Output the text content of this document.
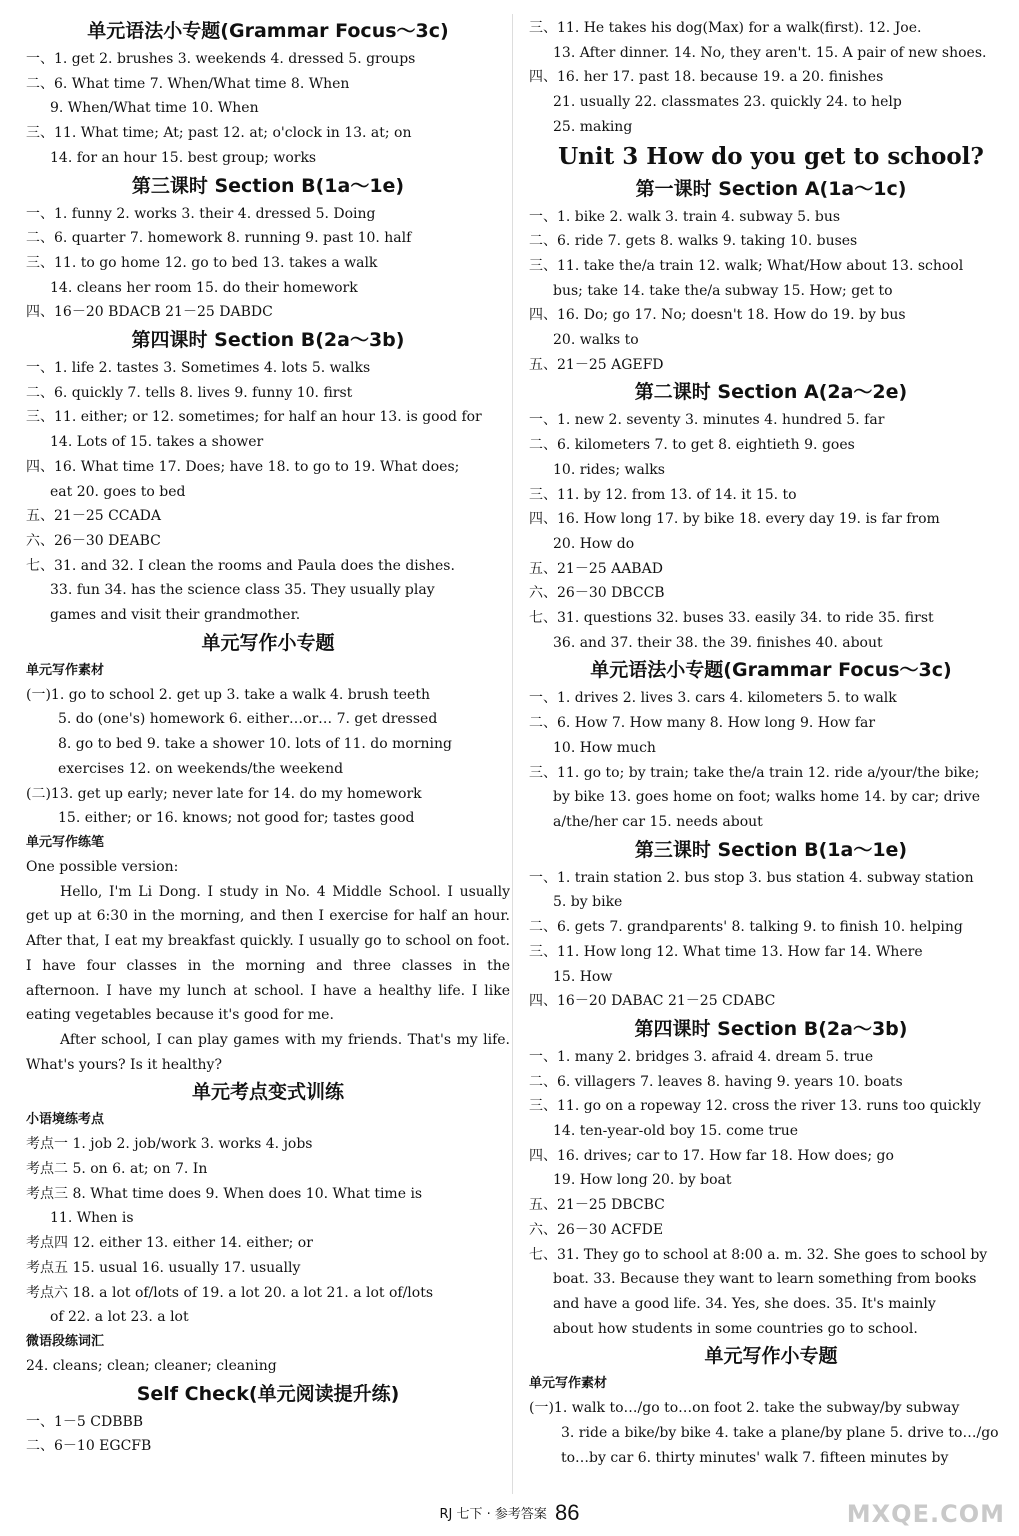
单元语法小专题(Grammar Focus～3c)
一、1. get 2. brushes 3. weekends 4. dressed 5. groups
二、6. What time 7. When/What time 8. When
9. When/What time 10. When
三、11. What time; At; past 12. at; o'clock in 13. at; on
14. for an hour 15. best group; works
第三课时 Section B(1a～1e)
一、1. funny 2. works 3. their 4. dressed 5. Doing
二、6. quarter 7. homework 8. running 9. past 10. half
三、11. to go home 12. go to bed 13. takes a walk
14. cleans her room 15. do their homework
四、16－20 BDACB 21－25 DABDC
第四课时 Section B(2a～3b)
一、1. life 2. tastes 3. Sometimes 4. lots 5. walks
二、6. quickly 7. tells 8. lives 9. funny 10. first
三、11. either; or 12. sometimes; for half an hour 13. is good for
14. Lots of 15. takes a shower
四、16. What time 17. Does; have 18. to go to 19. What does;
eat 20. goes to bed
五、21－25 CCADA
六、26－30 DEABC
七、31. and 32. I clean the rooms and Paula does the dishes.
33. fun 34. has the science class 35. They usually play
games and visit their grandmother.
单元写作小专题
单元写作素材
(一)1. go to school 2. get up 3. take a walk 4. brush teeth
5. do (one's) homework 6. either…or… 7. get dressed
8. go to bed 9. take a shower 10. lots of 11. do morning
exercises 12. on weekends/the weekend
(二)13. get up early; never late for 14. do my homework
15. either; or 16. knows; not good for; tastes good
单元写作练笔
One possible version:
Hello, I'm Li Dong. I study in No. 4 Middle School. I usually get up at 6:30 in the morning, and then I exercise for half an hour. After that, I eat my breakfast quickly. I usually go to school on foot. I have four classes in the morning and three classes in the afternoon. I have my lunch at school. I have a healthy life. I like eating vegetables because it's good for me.
After school, I can play games with my friends. That's my life. What's yours? Is it healthy?
单元考点变式训练
小语境练考点
考点一 1. job 2. job/work 3. works 4. jobs
考点二 5. on 6. at; on 7. In
考点三 8. What time does 9. When does 10. What time is
11. When is
考点四 12. either 13. either 14. either; or
考点五 15. usual 16. usually 17. usually
考点六 18. a lot of/lots of 19. a lot 20. a lot 21. a lot of/lots
of 22. a lot 23. a lot
微语段练词汇
24. cleans; clean; cleaner; cleaning
Self Check(单元阅读提升练)
一、1－5 CDBBB
二、6－10 EGCFB
三、11. He takes his dog(Max) for a walk(first). 12. Joe.
13. After dinner. 14. No, they aren't. 15. A pair of new shoes.
四、16. her 17. past 18. because 19. a 20. finishes
21. usually 22. classmates 23. quickly 24. to help
25. making
Unit 3 How do you get to school?
第一课时 Section A(1a～1c)
一、1. bike 2. walk 3. train 4. subway 5. bus
二、6. ride 7. gets 8. walks 9. taking 10. buses
三、11. take the/a train 12. walk; What/How about 13. school
bus; take 14. take the/a subway 15. How; get to
四、16. Do; go 17. No; doesn't 18. How do 19. by bus
20. walks to
五、21－25 AGEFD
第二课时 Section A(2a～2e)
一、1. new 2. seventy 3. minutes 4. hundred 5. far
二、6. kilometers 7. to get 8. eightieth 9. goes
10. rides; walks
三、11. by 12. from 13. of 14. it 15. to
四、16. How long 17. by bike 18. every day 19. is far from
20. How do
五、21－25 AABAD
六、26－30 DBCCB
七、31. questions 32. buses 33. easily 34. to ride 35. first
36. and 37. their 38. the 39. finishes 40. about
单元语法小专题(Grammar Focus～3c)
一、1. drives 2. lives 3. cars 4. kilometers 5. to walk
二、6. How 7. How many 8. How long 9. How far
10. How much
三、11. go to; by train; take the/a train 12. ride a/your/the bike;
by bike 13. goes home on foot; walks home 14. by car; drive
a/the/her car 15. needs about
第三课时 Section B(1a～1e)
一、1. train station 2. bus stop 3. bus station 4. subway station
5. by bike
二、6. gets 7. grandparents' 8. talking 9. to finish 10. helping
三、11. How long 12. What time 13. How far 14. Where
15. How
四、16－20 DABAC 21－25 CDABC
第四课时 Section B(2a～3b)
一、1. many 2. bridges 3. afraid 4. dream 5. true
二、6. villagers 7. leaves 8. having 9. years 10. boats
三、11. go on a ropeway 12. cross the river 13. runs too quickly
14. ten-year-old boy 15. come true
四、16. drives; car to 17. How far 18. How does; go
19. How long 20. by boat
五、21－25 DBCBC
六、26－30 ACFDE
七、31. They go to school at 8:00 a. m. 32. She goes to school by
boat. 33. Because they want to learn something from books
and have a good life. 34. Yes, she does. 35. It's mainly
about how students in some countries go to school.
单元写作小专题
单元写作素材
(一)1. walk to…/go to…on foot 2. take the subway/by subway
3. ride a bike/by bike 4. take a plane/by plane 5. drive to…/go
to…by car 6. thirty minutes' walk 7. fifteen minutes by
RJ 七下 · 参考答案 86	MXQE.COM
